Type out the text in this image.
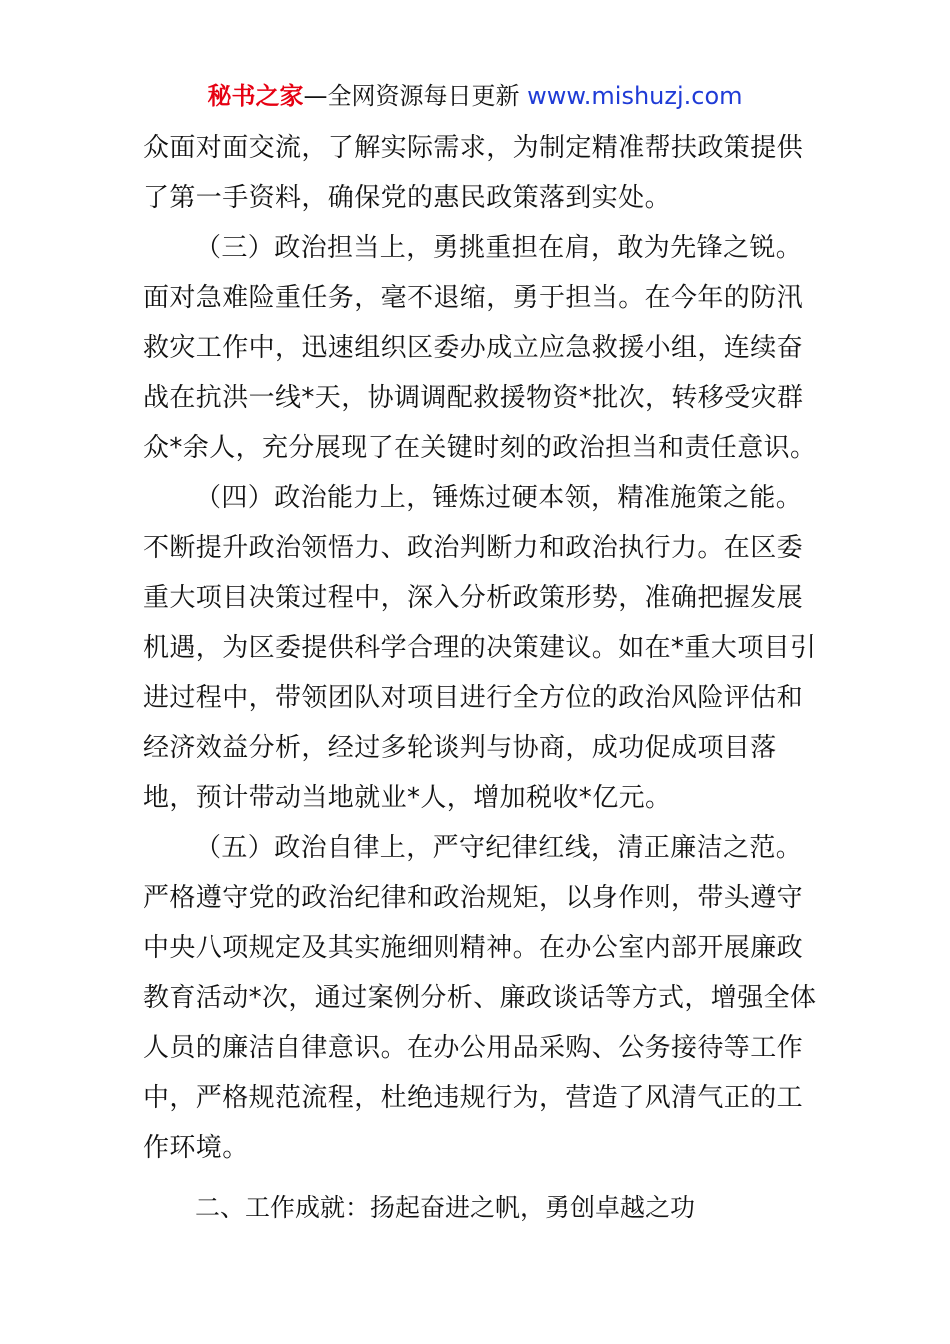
秘书之家—全网资源每日更新 www.mishuzj.com
众面对面交流，了解实际需求，为制定精准帮扶政策提供
了第一手资料，确保党的惠民政策落到实处。
（三）政治担当上，勇挑重担在肩，敢为先锋之锐。
面对急难险重任务，毫不退缩，勇于担当。在今年的防汛
救灾工作中，迅速组织区委办成立应急救援小组，连续奋
战在抗洪一线*天，协调调配救援物资*批次，转移受灾群
众*余人，充分展现了在关键时刻的政治担当和责任意识。
（四）政治能力上，锤炼过硬本领，精准施策之能。
不断提升政治领悟力、政治判断力和政治执行力。在区委
重大项目决策过程中，深入分析政策形势，准确把握发展
机遇，为区委提供科学合理的决策建议。如在*重大项目引
进过程中，带领团队对项目进行全方位的政治风险评估和
经济效益分析，经过多轮谈判与协商，成功促成项目落
地，预计带动当地就业*人，增加税收*亿元。
（五）政治自律上，严守纪律红线，清正廉洁之范。
严格遵守党的政治纪律和政治规矩，以身作则，带头遵守
中央八项规定及其实施细则精神。在办公室内部开展廉政
教育活动*次，通过案例分析、廉政谈话等方式，增强全体
人员的廉洁自律意识。在办公用品采购、公务接待等工作
中，严格规范流程，杜绝违规行为，营造了风清气正的工
作环境。
二、工作成就：扬起奋进之帆，勇创卓越之功
